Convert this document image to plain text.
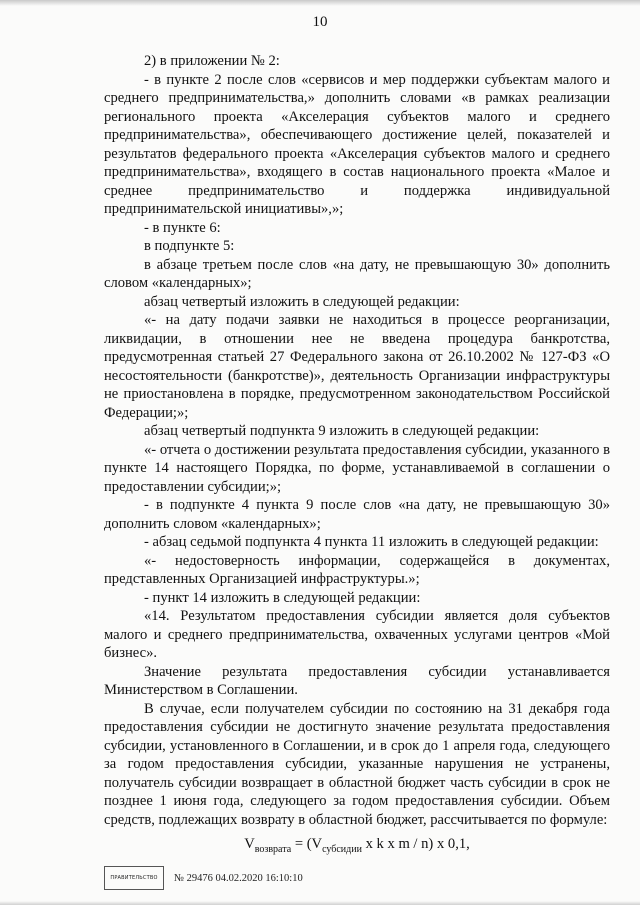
10

2) в приложении № 2:

- в пункте 2 после слов «сервисов и мер поддержки субъектам малого и среднего предпринимательства,» дополнить словами «в рамках реализации регионального проекта «Акселерация субъектов малого и среднего предпринимательства», обеспечивающего достижение целей, показателей и результатов федерального проекта «Акселерация субъектов малого и среднего предпринимательства», входящего в состав национального проекта «Малое и среднее предпринимательство и поддержка индивидуальной предпринимательской инициативы»,»;

- в пункте 6:

в подпункте 5:

в абзаце третьем после слов «на дату, не превышающую 30» дополнить словом «календарных»;

абзац четвертый изложить в следующей редакции:

«- на дату подачи заявки не находиться в процессе реорганизации, ликвидации, в отношении нее не введена процедура банкротства, предусмотренная статьей 27 Федерального закона от 26.10.2002 № 127-ФЗ «О несостоятельности (банкротстве)», деятельность Организации инфраструктуры не приостановлена в порядке, предусмотренном законодательством Российской Федерации;»;

абзац четвертый подпункта 9 изложить в следующей редакции:

«- отчета о достижении результата предоставления субсидии, указанного в пункте 14 настоящего Порядка, по форме, устанавливаемой в соглашении о предоставлении субсидии;»;

- в подпункте 4 пункта 9 после слов «на дату, не превышающую 30» дополнить словом «календарных»;

- абзац седьмой подпункта 4 пункта 11 изложить в следующей редакции:

«- недостоверность информации, содержащейся в документах, представленных Организацией инфраструктуры.»;

- пункт 14 изложить в следующей редакции:

«14. Результатом предоставления субсидии является доля субъектов малого и среднего предпринимательства, охваченных услугами центров «Мой бизнес».

Значение результата предоставления субсидии устанавливается Министерством в Соглашении.

В случае, если получателем субсидии по состоянию на 31 декабря года предоставления субсидии не достигнуто значение результата предоставления субсидии, установленного в Соглашении, и в срок до 1 апреля года, следующего за годом предоставления субсидии, указанные нарушения не устранены, получатель субсидии возвращает в областной бюджет часть субсидии в срок не позднее 1 июня года, следующего за годом предоставления субсидии. Объем средств, подлежащих возврату в областной бюджет, рассчитывается по формуле:

$V_{возврата} = (V_{субсидии}$ x k x m / n) x 0,1,
ПРАВИТЕЛЬСТВО № 29476 04.02.2020 16:10:10
